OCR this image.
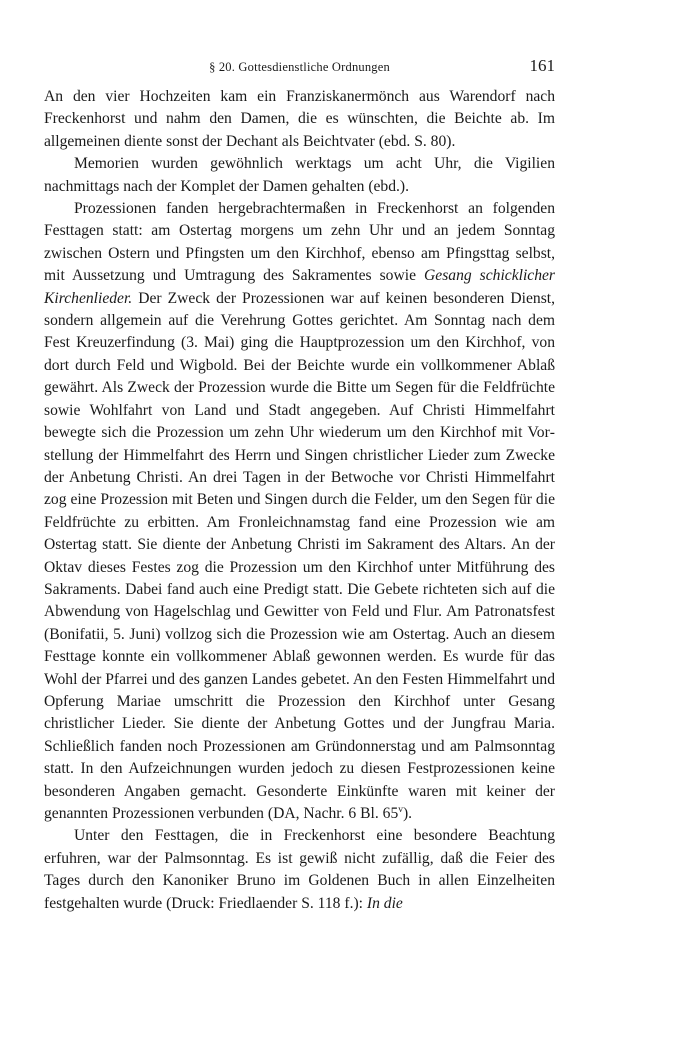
§ 20. Gottesdienstliche Ordnungen	161

An den vier Hochzeiten kam ein Franziskanermönch aus Warendorf nach Freckenhorst und nahm den Damen, die es wünschten, die Beichte ab. Im allgemeinen diente sonst der Dechant als Beichtvater (ebd. S. 80).

Memorien wurden gewöhnlich werktags um acht Uhr, die Vigilien nachmittags nach der Komplet der Damen gehalten (ebd.).

Prozessionen fanden hergebrachtermaßen in Freckenhorst an folgenden Festtagen statt: am Ostertag morgens um zehn Uhr und an jedem Sonntag zwischen Ostern und Pfingsten um den Kirchhof, ebenso am Pfingsttag selbst, mit Aussetzung und Umtragung des Sakramentes sowie Gesang schicklicher Kirchenlieder. Der Zweck der Prozessionen war auf keinen besonderen Dienst, sondern allgemein auf die Verehrung Gottes gerichtet. Am Sonntag nach dem Fest Kreuzerfindung (3. Mai) ging die Hauptprozession um den Kirchhof, von dort durch Feld und Wigbold. Bei der Beichte wurde ein vollkommener Ablaß gewährt. Als Zweck der Prozession wurde die Bitte um Segen für die Feldfrüchte sowie Wohlfahrt von Land und Stadt angegeben. Auf Christi Himmelfahrt bewegte sich die Prozession um zehn Uhr wiederum um den Kirchhof mit Vorstellung der Himmelfahrt des Herrn und Singen christlicher Lieder zum Zwecke der Anbetung Christi. An drei Tagen in der Betwoche vor Christi Himmelfahrt zog eine Prozession mit Beten und Singen durch die Felder, um den Segen für die Feldfrüchte zu erbitten. Am Fronleichnamstag fand eine Prozession wie am Ostertag statt. Sie diente der Anbetung Christi im Sakrament des Altars. An der Oktav dieses Festes zog die Prozession um den Kirchhof unter Mitführung des Sakraments. Dabei fand auch eine Predigt statt. Die Gebete richteten sich auf die Abwendung von Hagelschlag und Gewitter von Feld und Flur. Am Patronatsfest (Bonifatii, 5. Juni) vollzog sich die Prozession wie am Ostertag. Auch an diesem Festtage konnte ein vollkommener Ablaß gewonnen werden. Es wurde für das Wohl der Pfarrei und des ganzen Landes gebetet. An den Festen Himmelfahrt und Opferung Mariae umschritt die Prozession den Kirchhof unter Gesang christlicher Lieder. Sie diente der Anbetung Gottes und der Jungfrau Maria. Schließlich fanden noch Prozessionen am Gründonnerstag und am Palmsonntag statt. In den Aufzeichnungen wurden jedoch zu diesen Festprozessionen keine besonderen Angaben gemacht. Gesonderte Einkünfte waren mit keiner der genannten Prozessionen verbunden (DA, Nachr. 6 Bl. 65$^v$).

Unter den Festtagen, die in Freckenhorst eine besondere Beachtung erfuhren, war der Palmsonntag. Es ist gewiß nicht zufällig, daß die Feier des Tages durch den Kanoniker Bruno im Goldenen Buch in allen Einzelheiten festgehalten wurde (Druck: Friedlaender S. 118 f.): In die
